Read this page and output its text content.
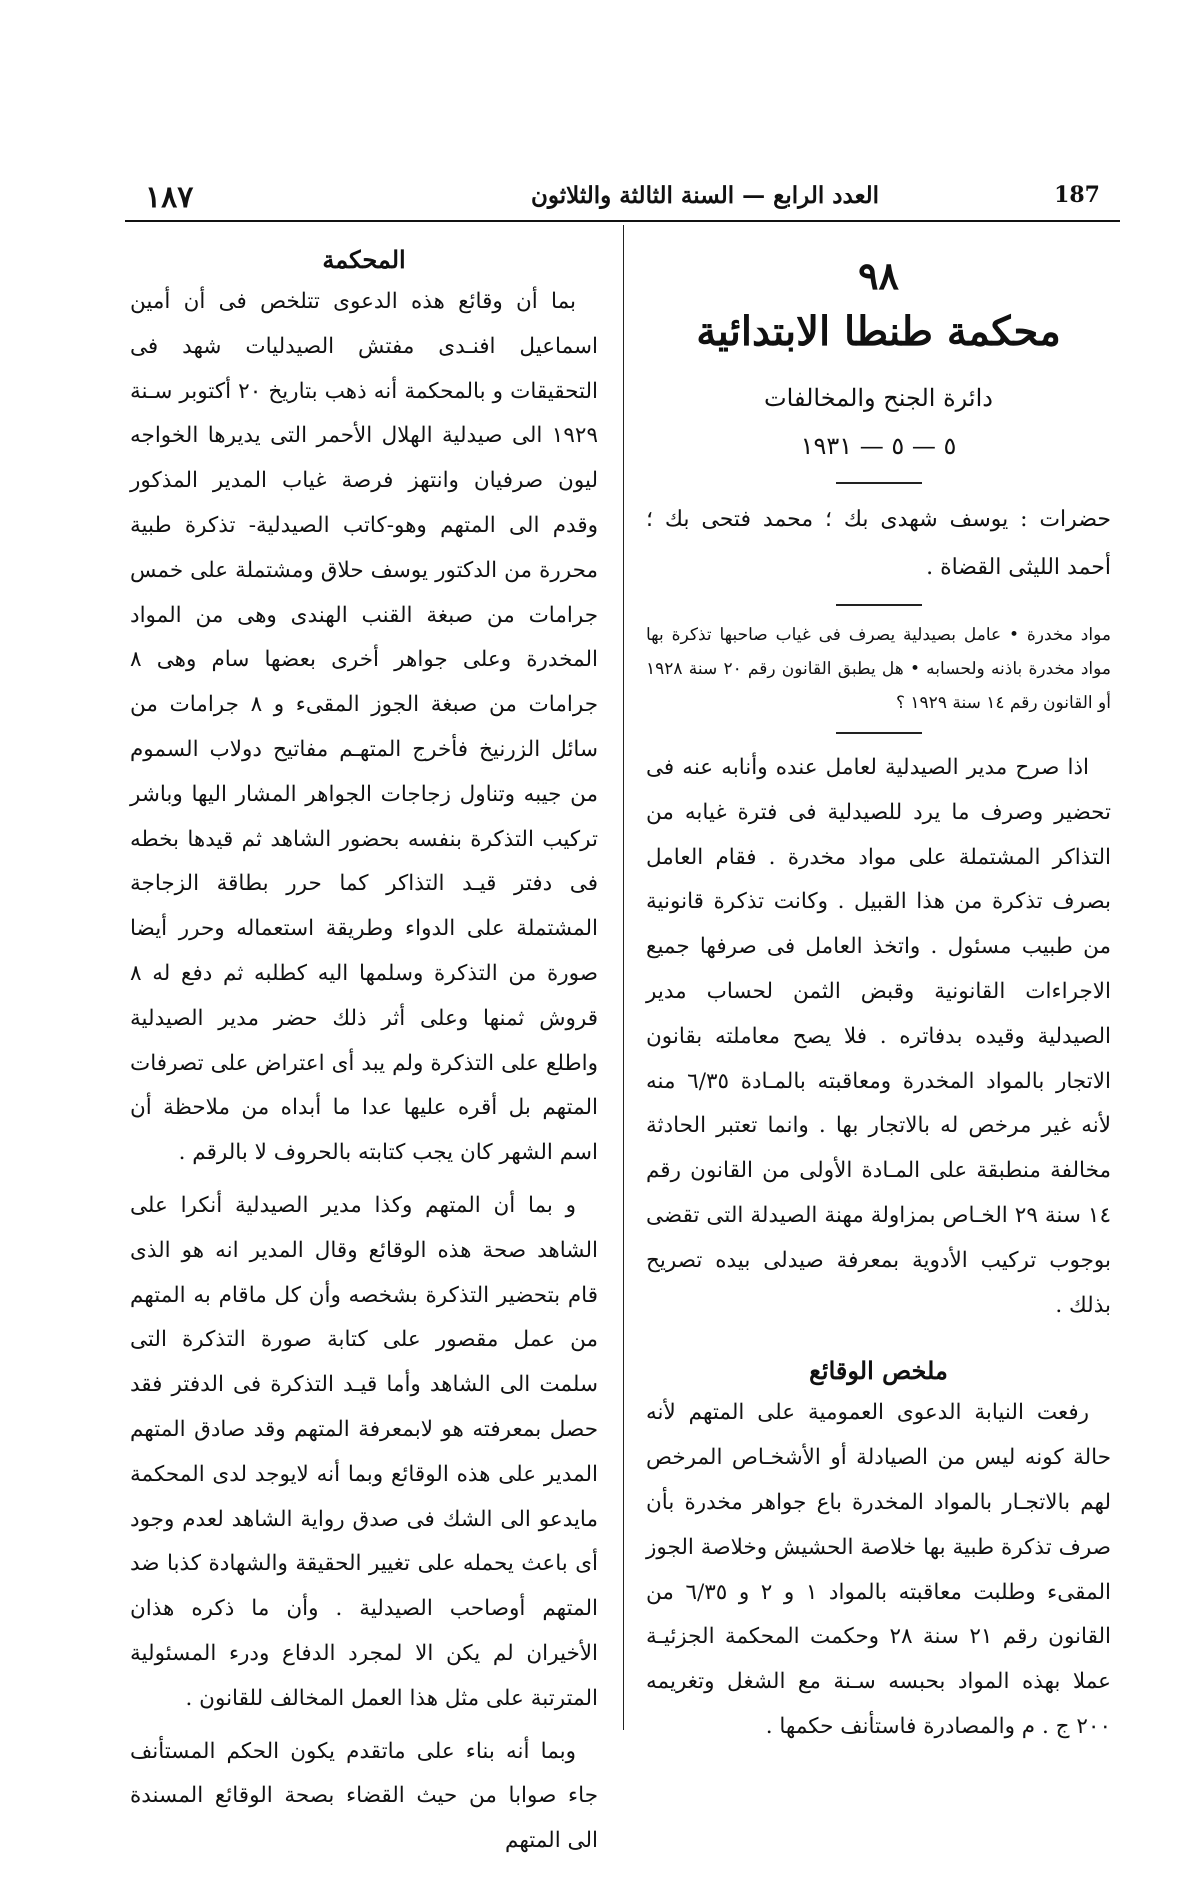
١٨٧	العدد الرابع — السنة الثالثة والثلاثون	187

المحكمة

بما أن وقائع هذه الدعوى تتلخص فى أن أمين اسماعيل افنـدى مفتش الصيدليات شهد فى التحقيقات و بالمحكمة أنه ذهب بتاريخ ٢٠ أكتوبر سـنة ١٩٢٩ الى صيدلية الهلال الأحمر التى يديرها الخواجه ليون صرفيان وانتهز فرصة غياب المدير المذكور وقدم الى المتهم وهو-كاتب الصيدلية- تذكرة طبية محررة من الدكتور يوسف حلاق ومشتملة على خمس جرامات من صبغة القنب الهندى وهى من المواد المخدرة وعلى جواهر أخرى بعضها سام وهى ٨ جرامات من صبغة الجوز المقىء و ٨ جرامات من سائل الزرنيخ فأخرج المتهـم مفاتيح دولاب السموم من جيبه وتناول زجاجات الجواهر المشار اليها وباشر تركيب التذكرة بنفسه بحضور الشاهد ثم قيدها بخطه فى دفتر قيـد التذاكر كما حرر بطاقة الزجاجة المشتملة على الدواء وطريقة استعماله وحرر أيضا صورة من التذكرة وسلمها اليه كطلبه ثم دفع له ٨ قروش ثمنها وعلى أثر ذلك حضر مدير الصيدلية واطلع على التذكرة ولم يبد أى اعتراض على تصرفات المتهم بل أقره عليها عدا ما أبداه من ملاحظة أن اسم الشهر كان يجب كتابته بالحروف لا بالرقم .

و بما أن المتهم وكذا مدير الصيدلية أنكرا على الشاهد صحة هذه الوقائع وقال المدير انه هو الذى قام بتحضير التذكرة بشخصه وأن كل ماقام به المتهم من عمل مقصور على كتابة صورة التذكرة التى سلمت الى الشاهد وأما قيـد التذكرة فى الدفتر فقد حصل بمعرفته هو لابمعرفة المتهم وقد صادق المتهم المدير على هذه الوقائع وبما أنه لايوجد لدى المحكمة مايدعو الى الشك فى صدق رواية الشاهد لعدم وجود أى باعث يحمله على تغيير الحقيقة والشهادة كذبا ضد المتهم أوصاحب الصيدلية . وأن ما ذكره هذان الأخيران لم يكن الا لمجرد الدفاع ودرء المسئولية المترتبة على مثل هذا العمل المخالف للقانون .

وبما أنه بناء على ماتقدم يكون الحكم المستأنف جاء صوابا من حيث القضاء بصحة الوقائع المسندة الى المتهم

٩٨

محكمة طنطا الابتدائية

دائرة الجنح والمخالفات

٥ — ٥ — ١٩٣١

حضرات : يوسف شهدى بك ؛ محمد فتحى بك ؛ أحمد الليثى القضاة .

مواد مخدرة • عامل بصيدلية يصرف فى غياب صاحبها تذكرة بها مواد مخدرة باذنه ولحسابه • هل يطبق القانون رقم ٢٠ سنة ١٩٢٨ أو القانون رقم ١٤ سنة ١٩٢٩ ؟

اذا صرح مدير الصيدلية لعامل عنده وأنابه عنه فى تحضير وصرف ما يرد للصيدلية فى فترة غيابه من التذاكر المشتملة على مواد مخدرة . فقام العامل بصرف تذكرة من هذا القبيل . وكانت تذكرة قانونية من طبيب مسئول . واتخذ العامل فى صرفها جميع الاجراءات القانونية وقبض الثمن لحساب مدير الصيدلية وقيده بدفاتره . فلا يصح معاملته بقانون الاتجار بالمواد المخدرة ومعاقبته بالمـادة ٦/٣٥ منه لأنه غير مرخص له بالاتجار بها . وانما تعتبر الحادثة مخالفة منطبقة على المـادة الأولى من القانون رقم ١٤ سنة ٢٩ الخـاص بمزاولة مهنة الصيدلة التى تقضى بوجوب تركيب الأدوية بمعرفة صيدلى بيده تصريح بذلك .

ملخص الوقائع

رفعت النيابة الدعوى العمومية على المتهم لأنه حالة كونه ليس من الصيادلة أو الأشخـاص المرخص لهم بالاتجـار بالمواد المخدرة باع جواهر مخدرة بأن صرف تذكرة طبية بها خلاصة الحشيش وخلاصة الجوز المقىء وطلبت معاقبته بالمواد ١ و ٢ و ٦/٣٥ من القانون رقم ٢١ سنة ٢٨ وحكمت المحكمة الجزئيـة عملا بهذه المواد بحبسه سـنة مع الشغل وتغريمه ٢٠٠ ج . م والمصادرة فاستأنف حكمها .
